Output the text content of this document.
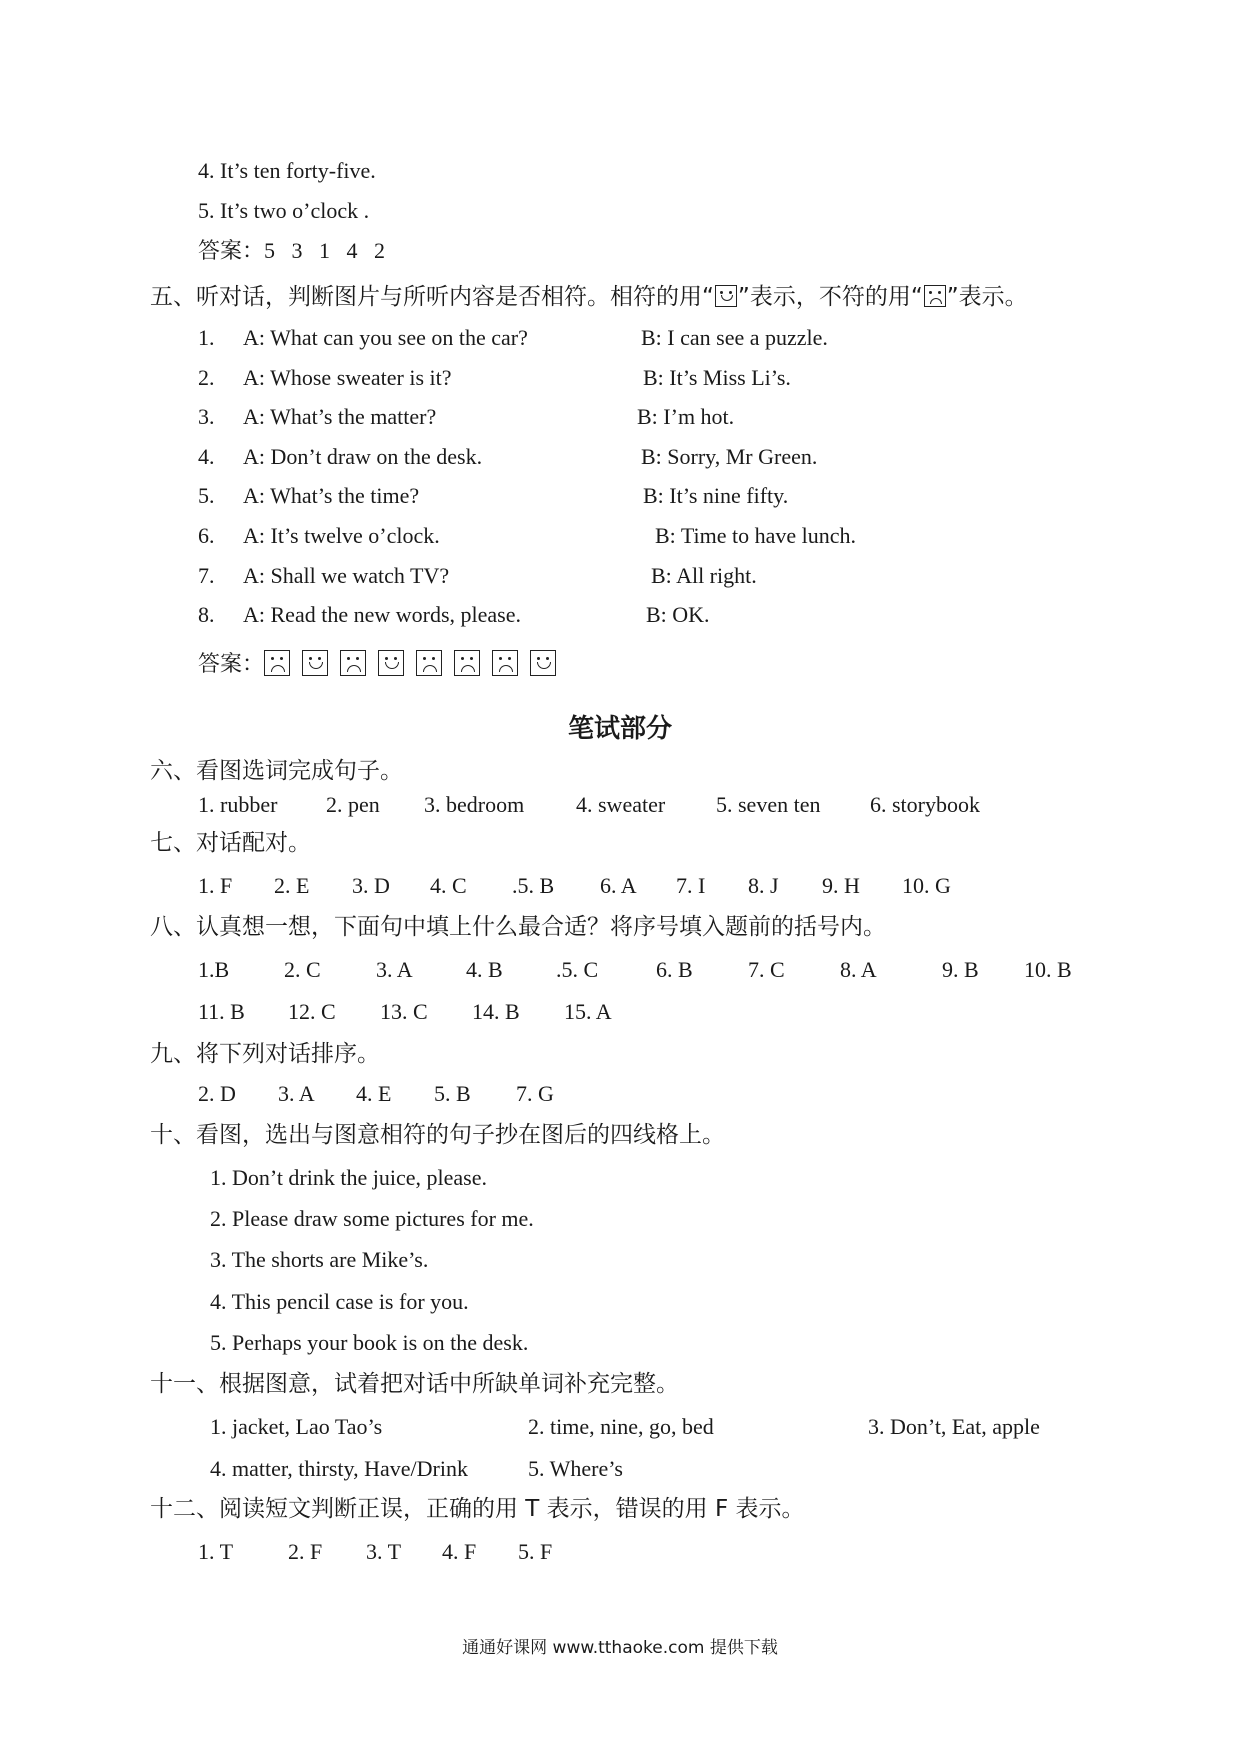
4. It’s ten forty-five.
5. It’s two o’clock .
答案：5   3   1   4   2
五、听对话，判断图片与所听内容是否相符。相符的用“ ”表示，不符的用“ ”表示。
1. A: What can you see on the car?	B: I can see a puzzle.
2. A: Whose sweater is it?	B: It’s Miss Li’s.
3. A: What’s the matter?	B: I’m hot.
4. A: Don’t draw on the desk.	B: Sorry, Mr Green.
5. A: What’s the time?	B: It’s nine fifty.
6. A: It’s twelve o’clock.	B: Time to have lunch.
7. A: Shall we watch TV?	B: All right.
8. A: Read the new words, please.	B: OK.
答案：
笔试部分
六、看图选词完成句子。
1. rubber 2. pen 3. bedroom 4. sweater 5. seven ten 6. storybook
七、对话配对。
1. F 2. E 3. D 4. C .5. B 6. A 7. I 8. J 9. H 10. G
八、认真想一想，下面句中填上什么最合适？将序号填入题前的括号内。
1.B 2. C	3. A 4. B .5. C	6. B	7. C	8. A	9. B 10. B
11. B 12. C 13. C 14. B 15. A
九、将下列对话排序。
2. D 3. A 4. E 5. B 7. G
十、看图，选出与图意相符的句子抄在图后的四线格上。
1. Don’t drink the juice, please.
2. Please draw some pictures for me.
3. The shorts are Mike’s.
4. This pencil case is for you.
5. Perhaps your book is on the desk.
十一、根据图意，试着把对话中所缺单词补充完整。
1. jacket, Lao Tao’s	2. time, nine, go, bed	3. Don’t, Eat, apple
4. matter, thirsty, Have/Drink	5. Where’s
十二、阅读短文判断正误，正确的用 T 表示，错误的用 F 表示。
1. T 2. F 3. T 4. F 5. F
通通好课网 www.tthaoke.com 提供下载
